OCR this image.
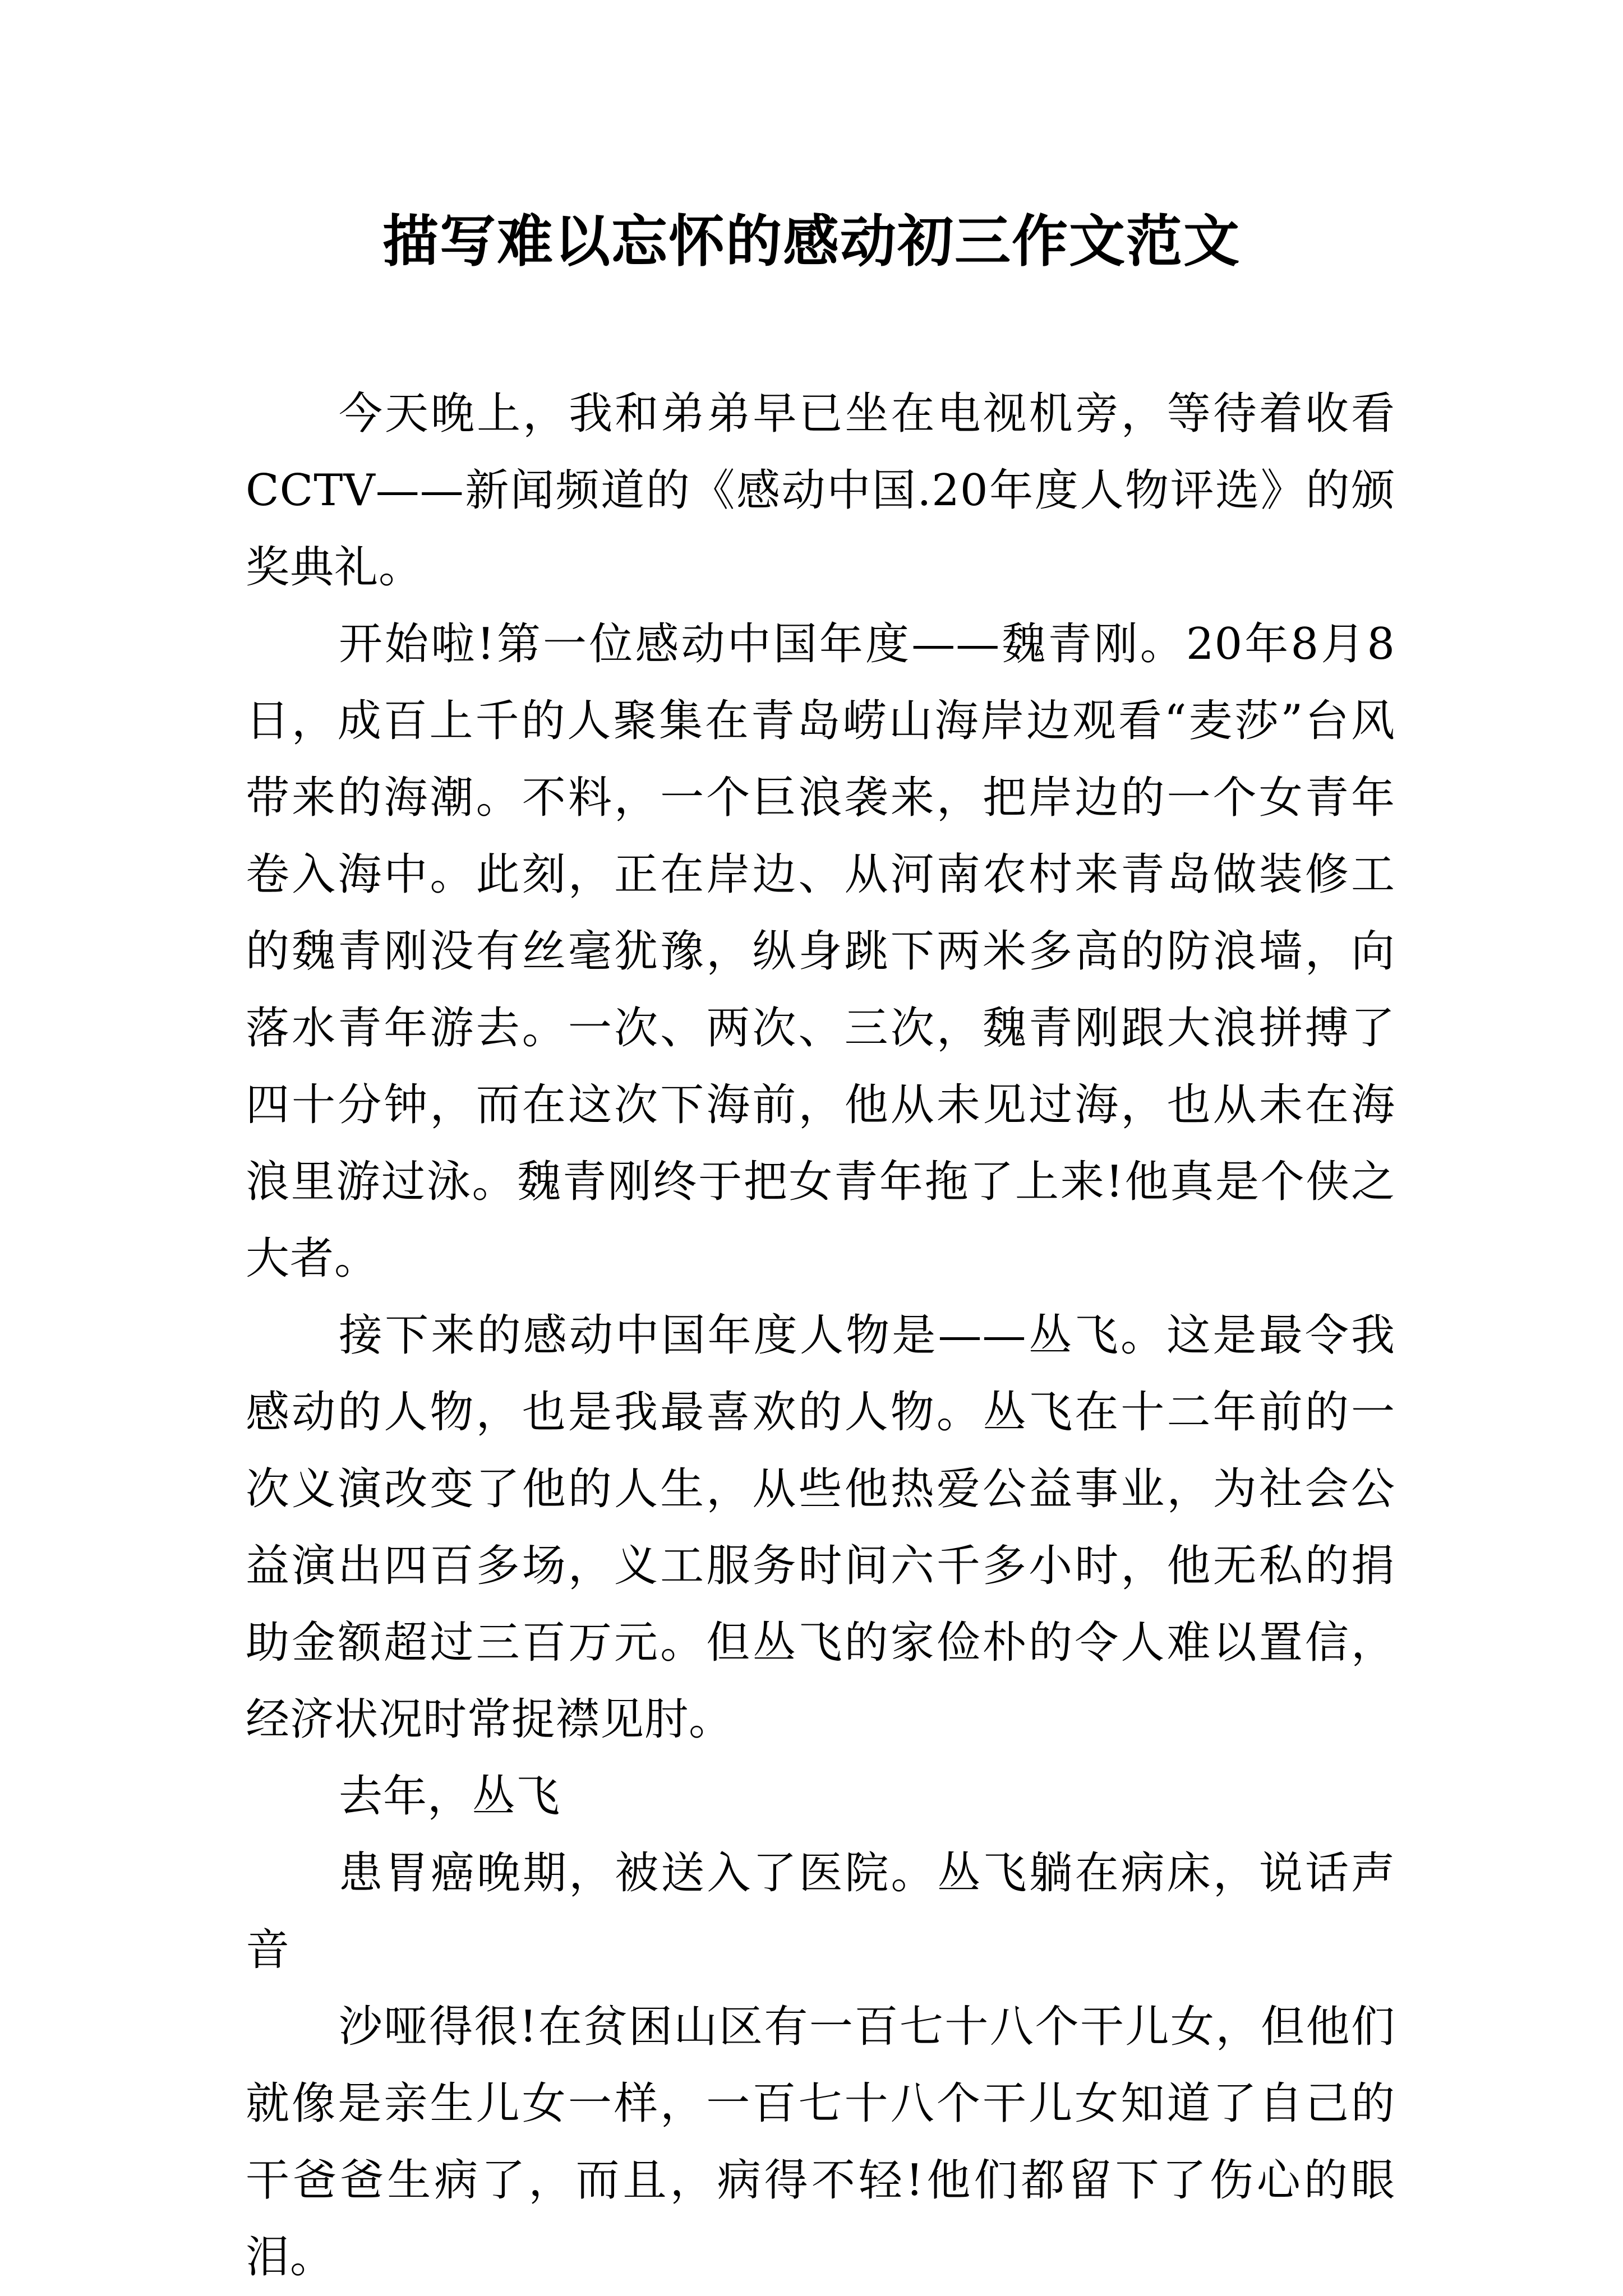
描写难以忘怀的感动初三作文范文

今天晚上，我和弟弟早已坐在电视机旁，等待着收看CCTV——新闻频道的《感动中国.20年度人物评选》的颁奖典礼。

开始啦!第一位感动中国年度——魏青刚。20年8月8日，成百上千的人聚集在青岛崂山海岸边观看“麦莎”台风带来的海潮。不料，一个巨浪袭来，把岸边的一个女青年卷入海中。此刻，正在岸边、从河南农村来青岛做装修工的魏青刚没有丝毫犹豫，纵身跳下两米多高的防浪墙，向落水青年游去。一次、两次、三次，魏青刚跟大浪拼搏了四十分钟，而在这次下海前，他从未见过海，也从未在海浪里游过泳。魏青刚终于把女青年拖了上来!他真是个侠之大者。

接下来的感动中国年度人物是——丛飞。这是最令我感动的人物，也是我最喜欢的人物。丛飞在十二年前的一次义演改变了他的人生，从些他热爱公益事业，为社会公益演出四百多场，义工服务时间六千多小时，他无私的捐助金额超过三百万元。但丛飞的家俭朴的令人难以置信，经济状况时常捉襟见肘。

去年，丛飞

患胃癌晚期，被送入了医院。丛飞躺在病床，说话声音

沙哑得很!在贫困山区有一百七十八个干儿女，但他们就像是亲生儿女一样，一百七十八个干儿女知道了自己的干爸爸生病了，而且，病得不轻!他们都留下了伤心的眼泪。
